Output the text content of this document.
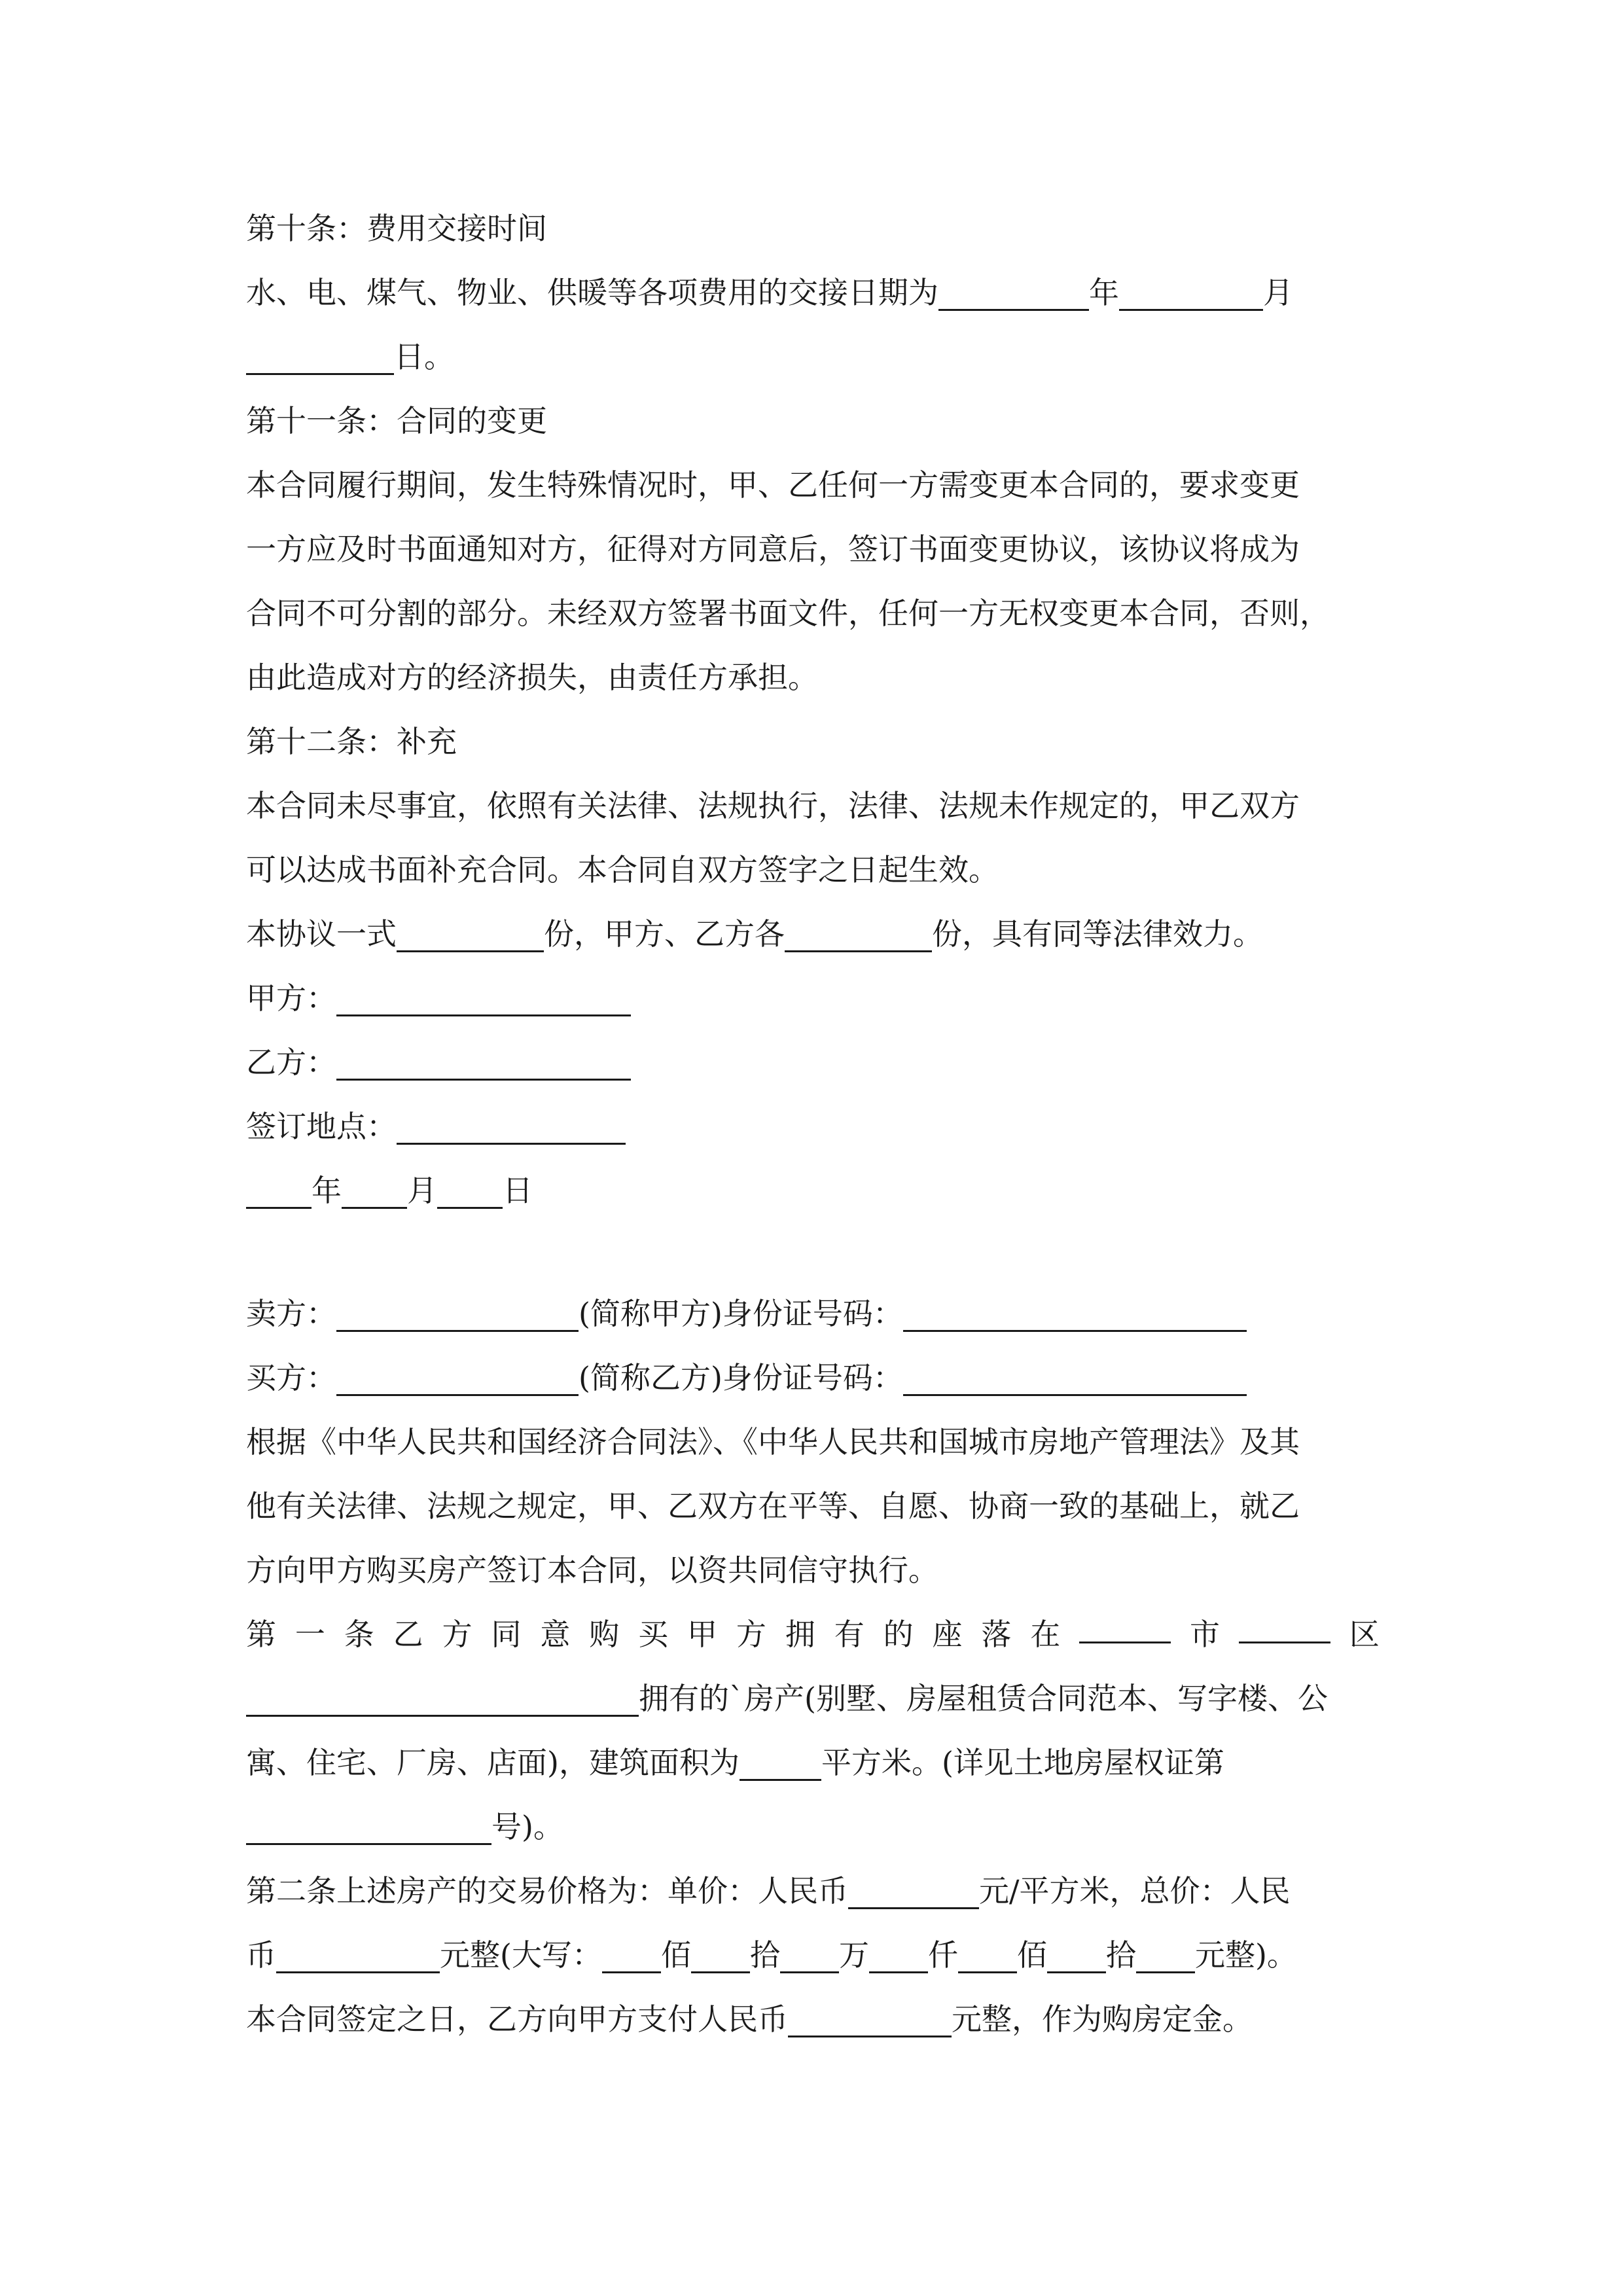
第十条：费用交接时间
水、电、煤气、物业、供暖等各项费用的交接日期为	年	月
日。
第十一条：合同的变更
本合同履行期间，发生特殊情况时，甲、乙任何一方需变更本合同的，要求变更
一方应及时书面通知对方，征得对方同意后，签订书面变更协议，该协议将成为
合同不可分割的部分。未经双方签署书面文件，任何一方无权变更本合同，否则，
由此造成对方的经济损失，由责任方承担。
第十二条：补充
本合同未尽事宜，依照有关法律、法规执行，法律、法规未作规定的，甲乙双方
可以达成书面补充合同。本合同自双方签字之日起生效。
本协议一式	份，甲方、乙方各	份，具有同等法律效力。
甲方：
乙方：
签订地点：
年 月 日
卖方：	(简称甲方)身份证号码：
买方：	(简称乙方)身份证号码：
根据《中华人民共和国经济合同法》、《中华人民共和国城市房地产管理法》及其
他有关法律、法规之规定，甲、乙双方在平等、自愿、协商一致的基础上，就乙
方向甲方购买房产签订本合同，以资共同信守执行。
第 一 条 乙 方 同 意 购 买 甲 方 拥 有 的 座 落 在	市	区
拥有的`房产(别墅、房屋租赁合同范本、写字楼、公
寓、住宅、厂房、店面)，建筑面积为	平方米。(详见土地房屋权证第
号)。
第二条上述房产的交易价格为：单价：人民币	元/平方米，总价：人民
币	元整(大写： 佰 拾 万 仟 佰 拾 元整)。
本合同签定之日，乙方向甲方支付人民币	元整，作为购房定金。
